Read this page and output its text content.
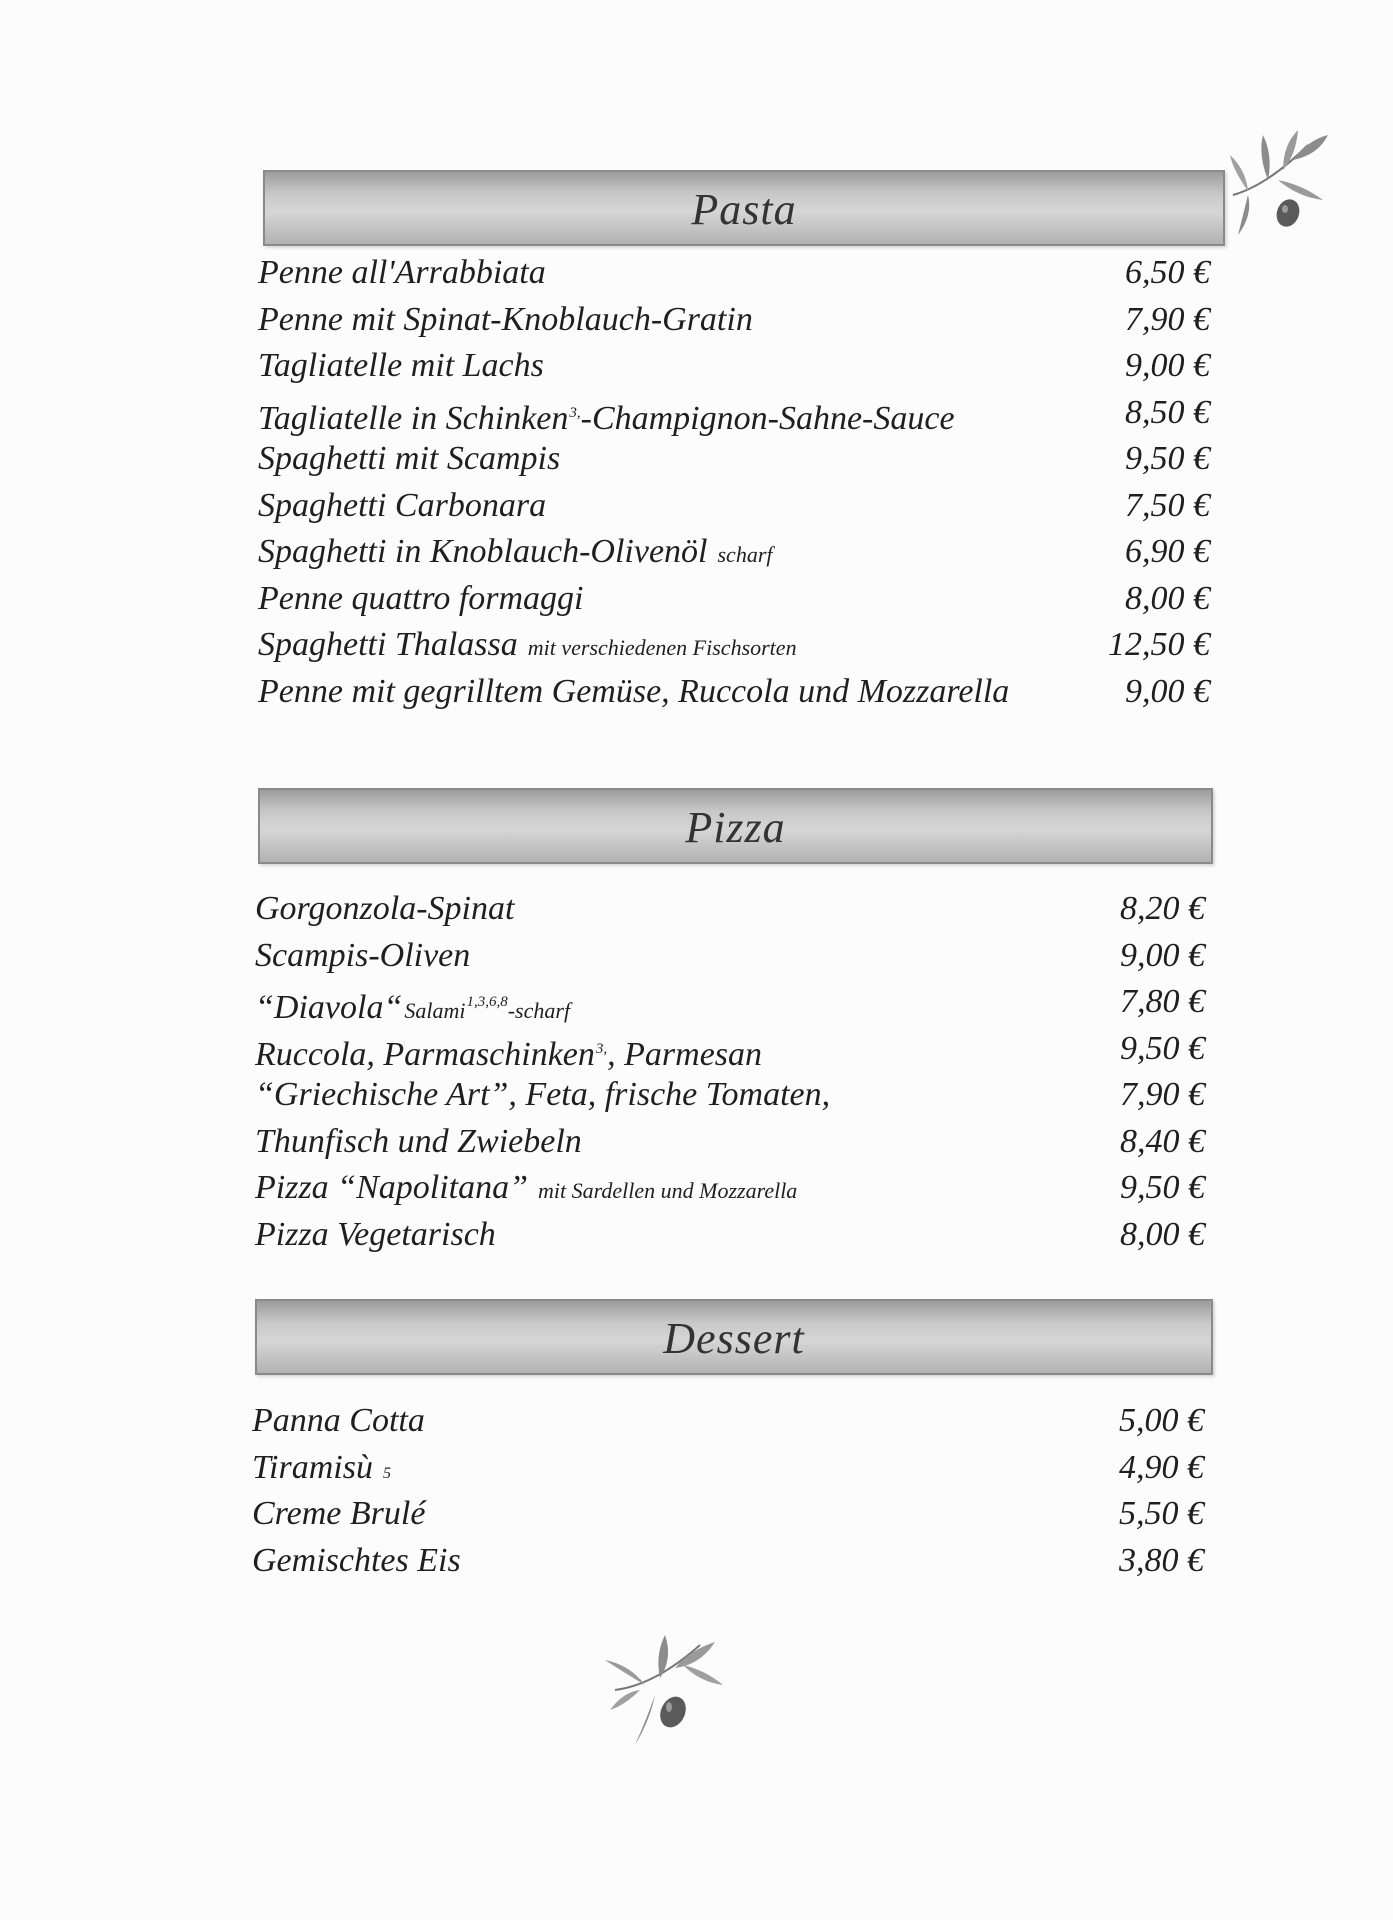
Pasta
Penne all'Arrabbiata	6,50 €
Penne mit Spinat-Knoblauch-Gratin	7,90 €
Tagliatelle mit Lachs	9,00 €
Tagliatelle in Schinken$^{3,}$-Champignon-Sahne-Sauce	8,50 €
Spaghetti mit Scampis	9,50 €
Spaghetti Carbonara	7,50 €
Spaghetti in Knoblauch-Olivenöl scharf	6,90 €
Penne quattro formaggi	8,00 €
Spaghetti Thalassa mit verschiedenen Fischsorten	12,50 €
Penne mit gegrilltem Gemüse, Ruccola und Mozzarella	9,00 €
Pizza
Gorgonzola-Spinat	8,20 €
Scampis-Oliven	9,00 €
“Diavola“Salami$^{1,3,6,8}$-scharf	7,80 €
Ruccola, Parmaschinken$^{3,}$, Parmesan	9,50 €
“Griechische Art”, Feta, frische Tomaten,	7,90 €
Thunfisch und Zwiebeln	8,40 €
Pizza “Napolitana” mit Sardellen und Mozzarella	9,50 €
Pizza Vegetarisch	8,00 €
Dessert
Panna Cotta	5,00 €
Tiramisù 5	4,90 €
Creme Brulé	5,50 €
Gemischtes Eis	3,80 €
